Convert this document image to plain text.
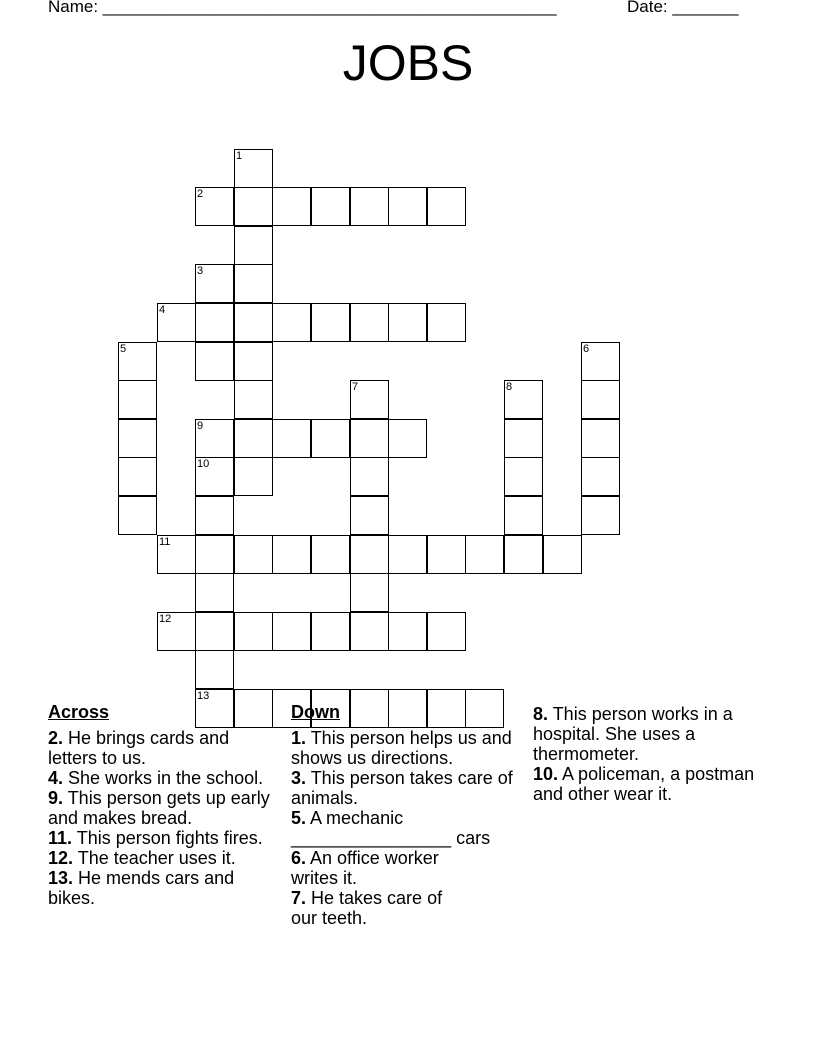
Name: ________________________________________________	Date: _______
JOBS
1
2
3
4
5	6
7	8
9
10
11
12
13
Across
2. He brings cards and letters to us.
4. She works in the school.
9. This person gets up early and makes bread.
11. This person fights fires.
12. The teacher uses it.
13. He mends cars and bikes.
Down
1. This person helps us and shows us directions.
3. This person takes care of animals.
5. A mechanic ________________ cars
6. An office worker writes it.
7. He takes care of our teeth.
8. This person works in a hospital. She uses a thermometer.
10. A policeman, a postman and other wear it.
